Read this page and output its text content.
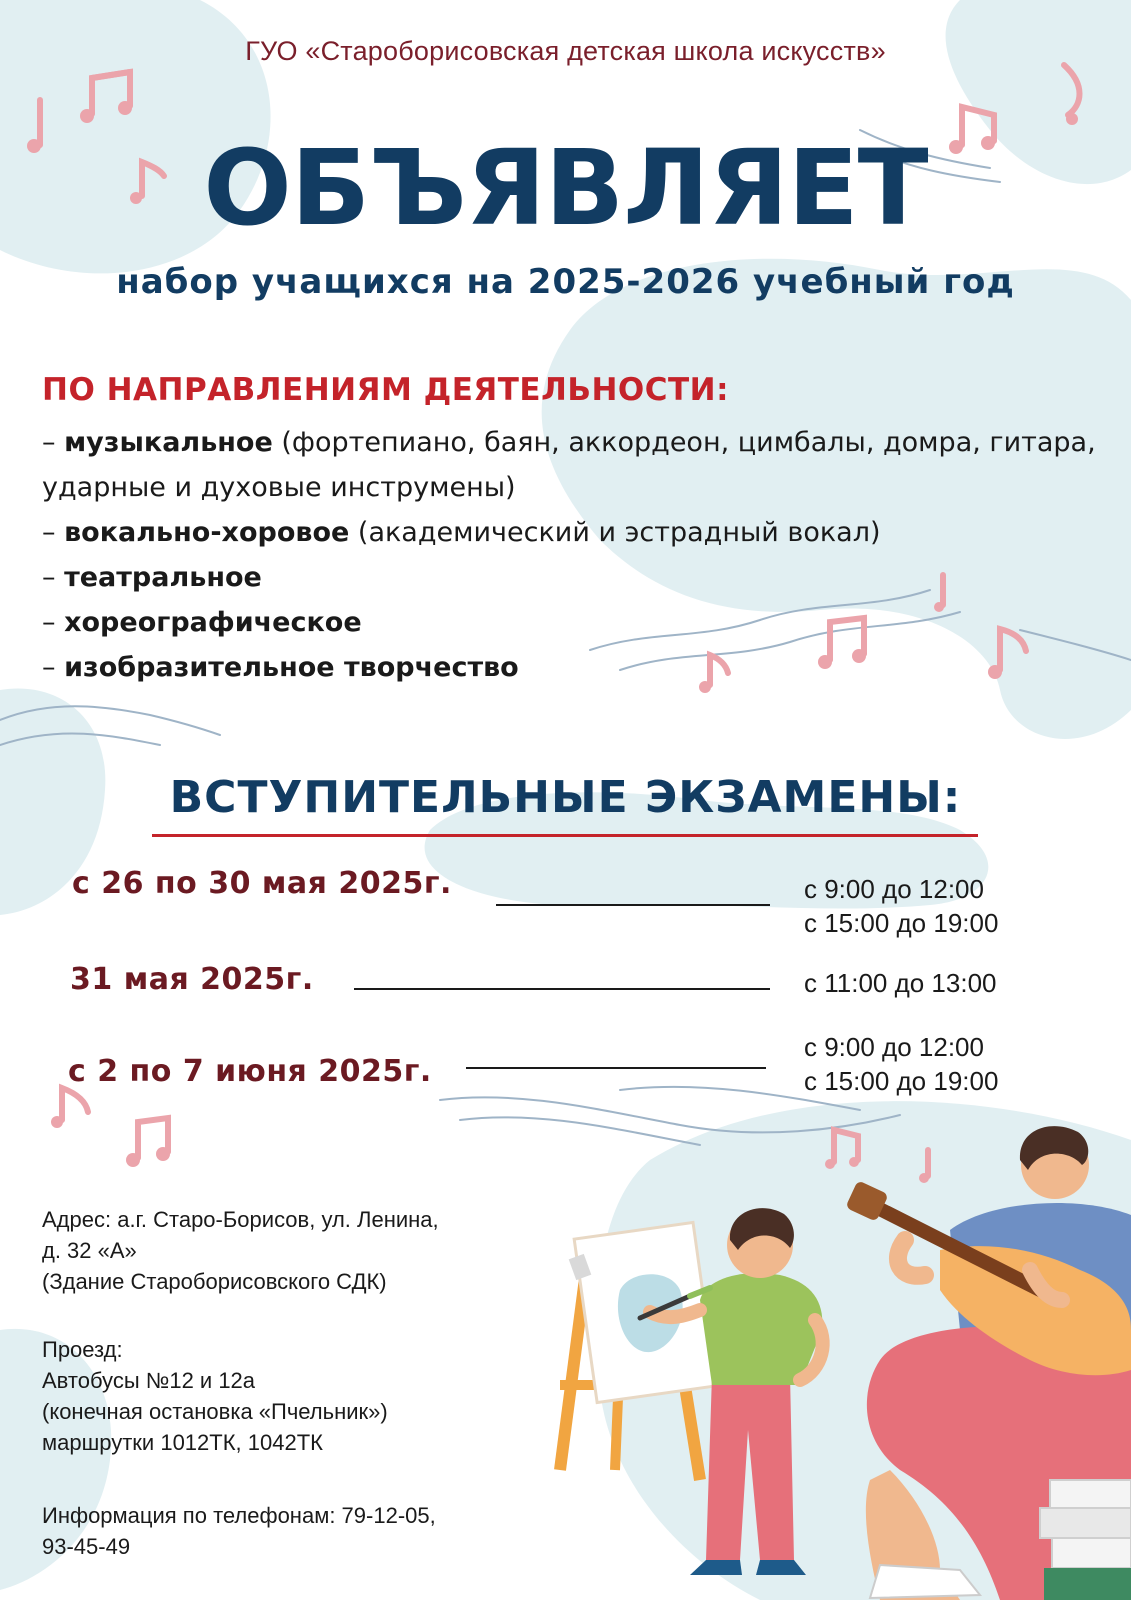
ГУО «Староборисовская детская школа искусств»
ОБЪЯВЛЯЕТ
набор учащихся на 2025-2026 учебный год
ПО НАПРАВЛЕНИЯМ ДЕЯТЕЛЬНОСТИ:
– музыкальное (фортепиано, баян, аккордеон, цимбалы, домра, гитара, ударные и духовые инструмены)
– вокально-хоровое (академический и эстрадный вокал)
– театральное
– хореографическое
– изобразительное творчество
ВСТУПИТЕЛЬНЫЕ ЭКЗАМЕНЫ:
с 26 по 30 мая 2025г.	с 9:00 до 12:00
с 15:00 до 19:00
31 мая 2025г.	с 11:00 до 13:00
с 2 по 7 июня 2025г.
с 9:00 до 12:00
с 15:00 до 19:00

Адрес: а.г. Старо-Борисов, ул. Ленина,

д. 32 «А»

(Здание Староборисовского СДК)

Проезд:

Автобусы №12 и 12а

(конечная остановка «Пчельник»)

маршрутки 1012ТК, 1042ТК

Информация по телефонам: 79-12-05,

93-45-49
